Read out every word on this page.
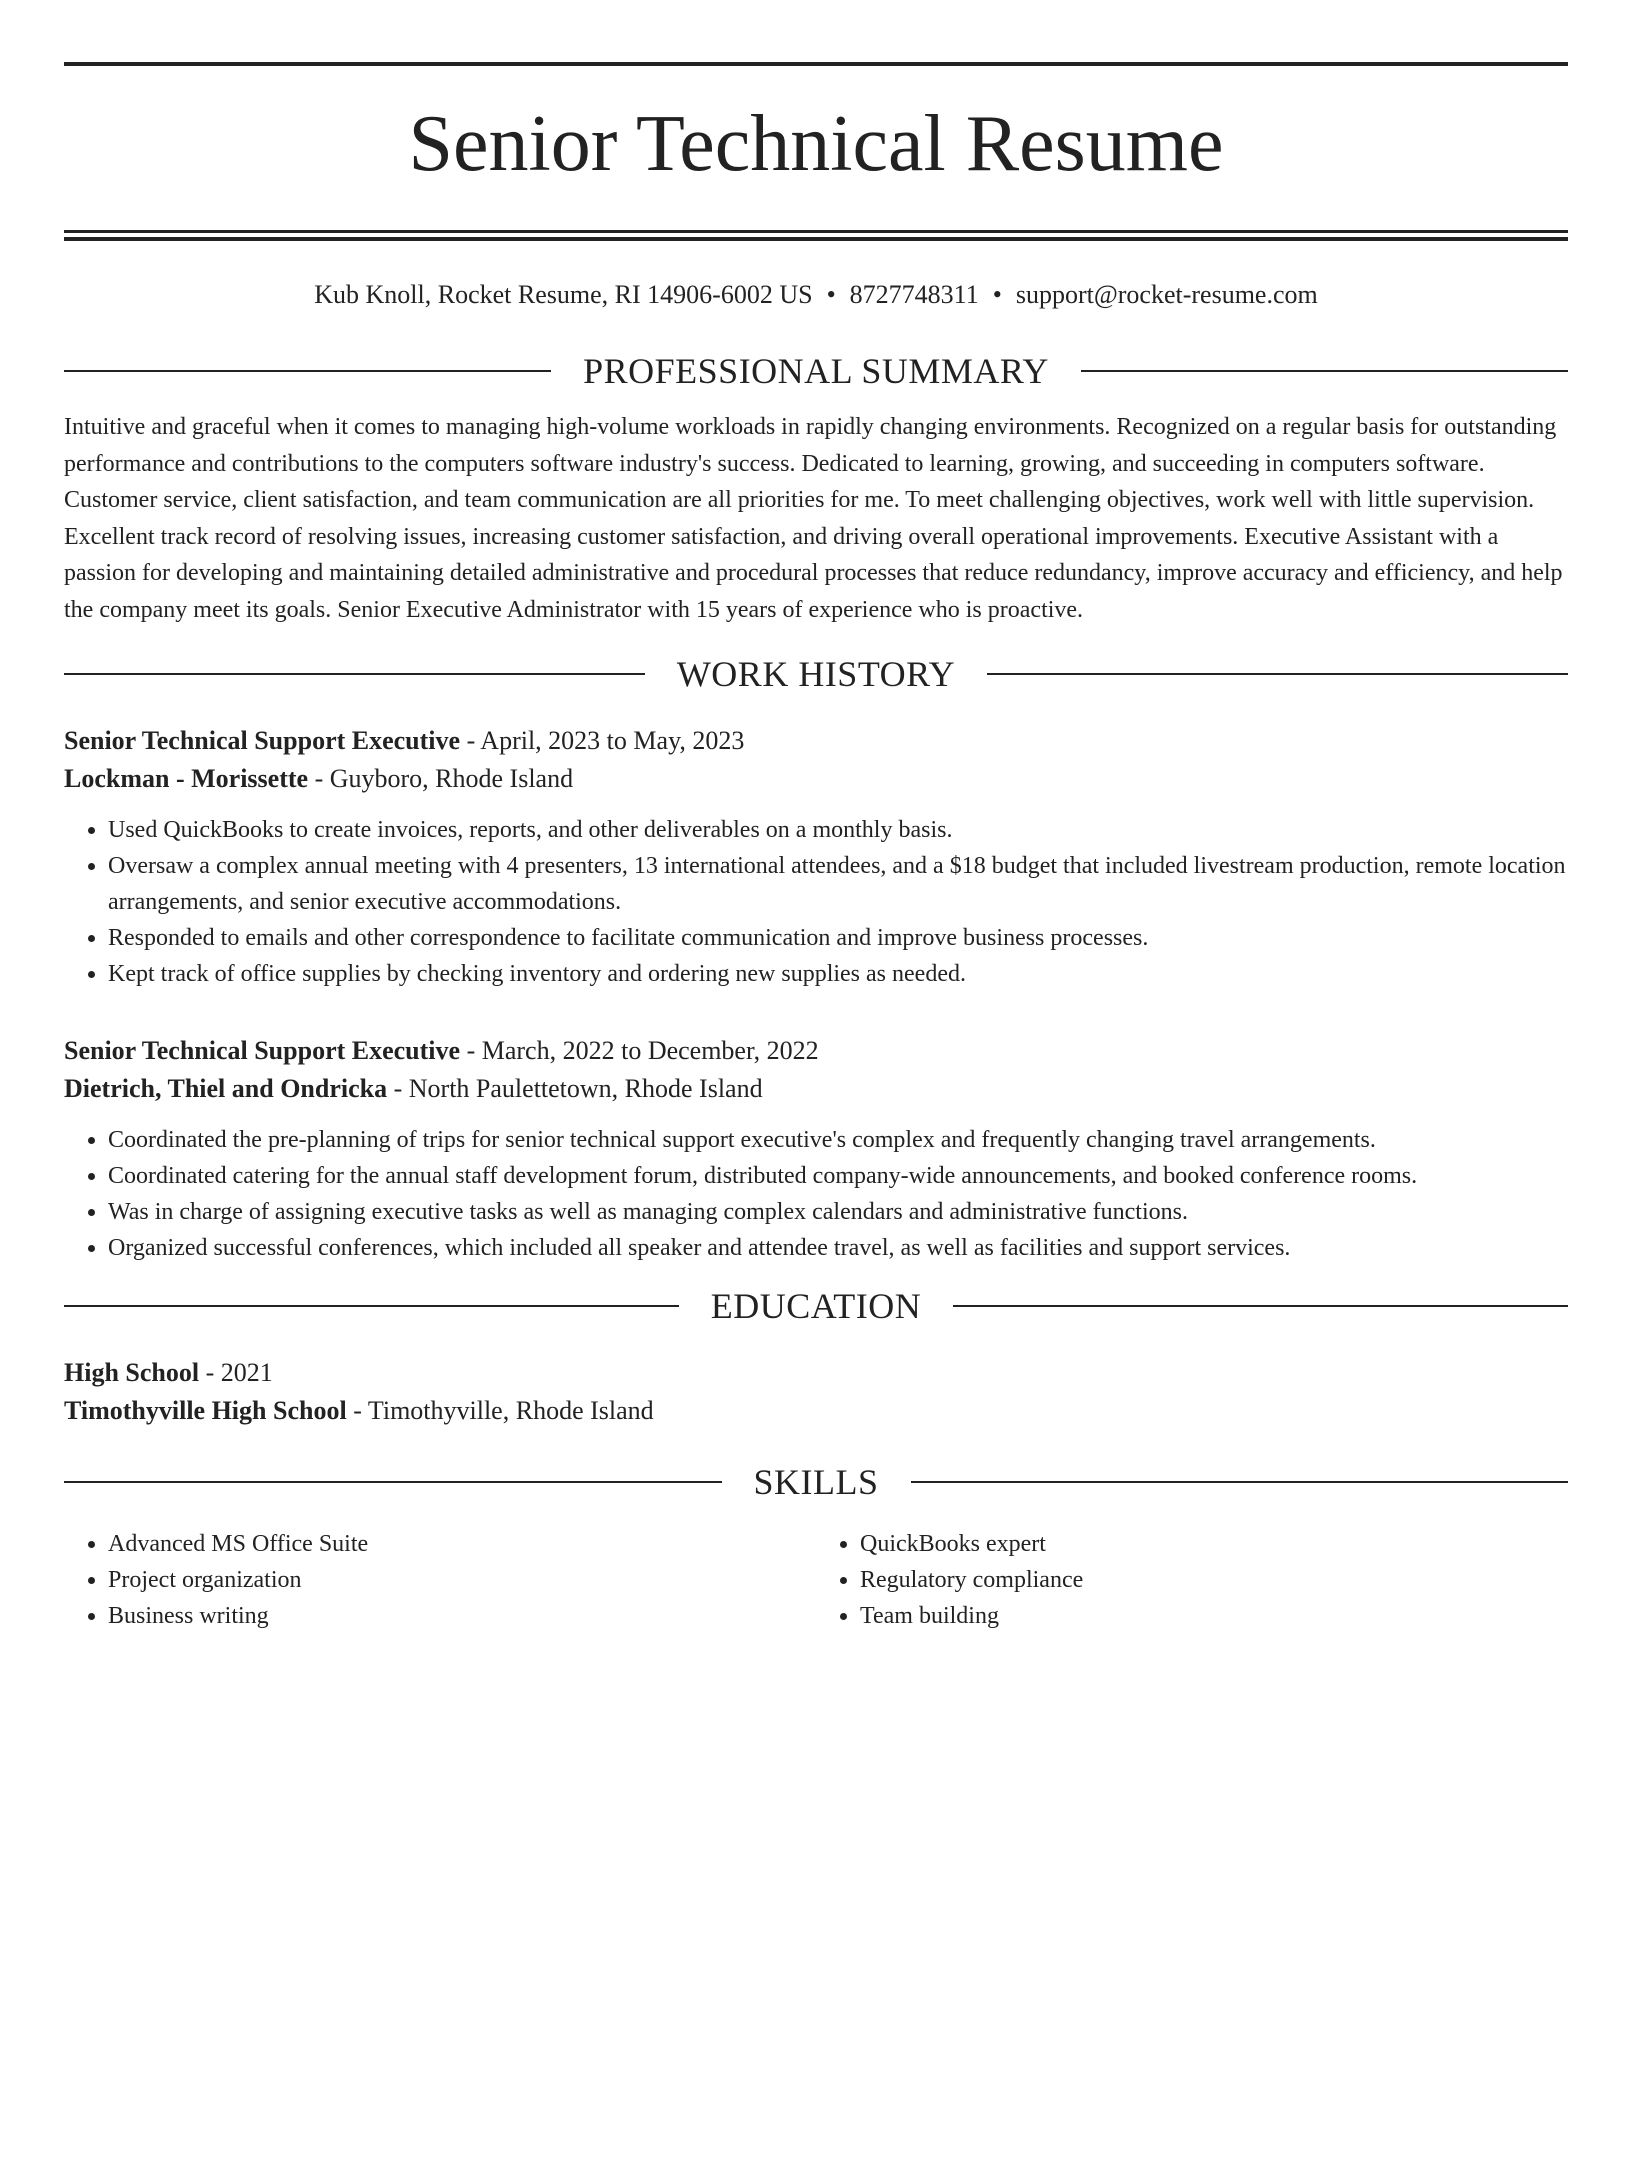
Senior Technical Resume
Kub Knoll, Rocket Resume, RI 14906-6002 US • 8727748311 • support@rocket-resume.com
PROFESSIONAL SUMMARY

Intuitive and graceful when it comes to managing high-volume workloads in rapidly changing environments. Recognized on a regular basis for outstanding performance and contributions to the computers software industry's success. Dedicated to learning, growing, and succeeding in computers software. Customer service, client satisfaction, and team communication are all priorities for me. To meet challenging objectives, work well with little supervision. Excellent track record of resolving issues, increasing customer satisfaction, and driving overall operational improvements. Executive Assistant with a passion for developing and maintaining detailed administrative and procedural processes that reduce redundancy, improve accuracy and efficiency, and help the company meet its goals. Senior Executive Administrator with 15 years of experience who is proactive.

WORK HISTORY
Senior Technical Support Executive - April, 2023 to May, 2023
Lockman - Morissette - Guyboro, Rhode Island
• Used QuickBooks to create invoices, reports, and other deliverables on a monthly basis.
• Oversaw a complex annual meeting with 4 presenters, 13 international attendees, and a $18 budget that included livestream production, remote location arrangements, and senior executive accommodations.
• Responded to emails and other correspondence to facilitate communication and improve business processes.
• Kept track of office supplies by checking inventory and ordering new supplies as needed.
Senior Technical Support Executive - March, 2022 to December, 2022
Dietrich, Thiel and Ondricka - North Paulettetown, Rhode Island
• Coordinated the pre-planning of trips for senior technical support executive's complex and frequently changing travel arrangements.
• Coordinated catering for the annual staff development forum, distributed company-wide announcements, and booked conference rooms.
• Was in charge of assigning executive tasks as well as managing complex calendars and administrative functions.
• Organized successful conferences, which included all speaker and attendee travel, as well as facilities and support services.
EDUCATION
High School - 2021
Timothyville High School - Timothyville, Rhode Island
SKILLS
• Advanced MS Office Suite
• Project organization
• Business writing
• QuickBooks expert
• Regulatory compliance
• Team building
